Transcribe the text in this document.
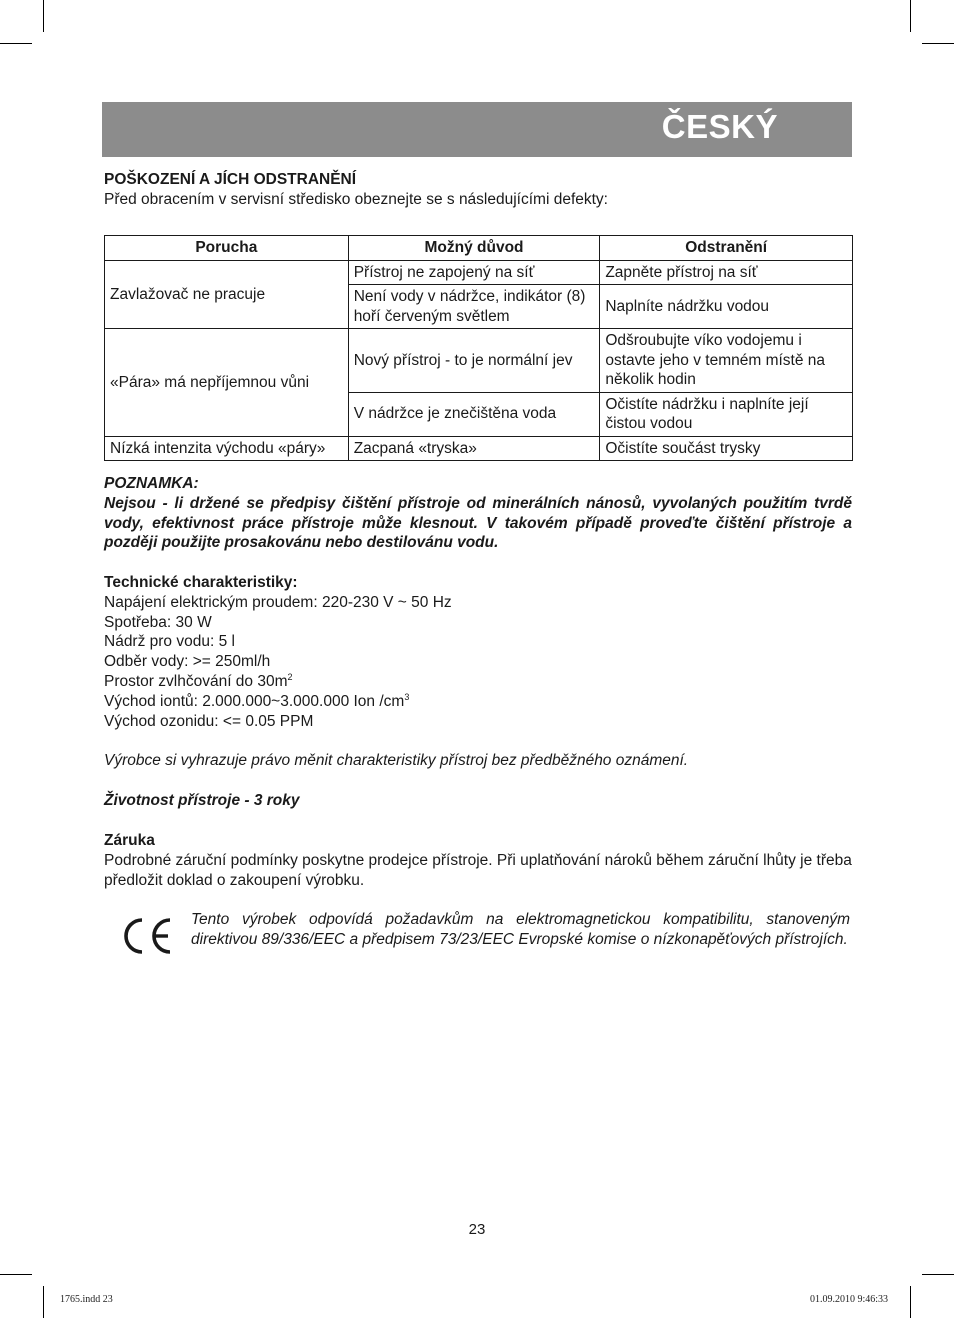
ČESKÝ

POŠKOZENÍ A JÍCH ODSTRANĚNÍ

Před obracením v servisní středisko obeznejte se s následujícími defekty:

Porucha	Možný důvod	Odstranění
Zavlažovač ne pracuje	Přístroj ne zapojený na síť	Zapněte přístroj na síť
	Není vody v nádržce, indikátor (8) hoří červeným světlem	Naplníte nádržku vodou
«Pára» má nepříjemnou vůni	Nový přístroj - to je normální jev	Odšroubujte víko vodojemu i ostavte jeho v temném místě na několik hodin
	V nádržce je znečištěna voda	Očistíte nádržku i naplníte její čistou vodou
Nízká intenzita východu «páry»	Zacpaná «tryska»	Očistíte součást trysky

POZNAMKA:

Nejsou - li držené se předpisy čištění přístroje od minerálních nánosů, vyvolaných použitím tvrdě vody, efektivnost práce přístroje může klesnout. V takovém případě proveďte čištění přístroje a později použijte prosakovánu nebo destilovánu vodu.

Technické charakteristiky:

Napájení elektrickým proudem: 220-230 V ~ 50 Hz

Spotřeba: 30 W

Nádrž pro vodu: 5 l

Odběr vody: >= 250ml/h

Prostor zvlhčování do $30m^2$

Východ iontů: 2.000.000~3.000.000 Ion $/cm^3$

Východ ozonidu: <= 0.05 PPM

Výrobce si vyhrazuje právo měnit charakteristiky přístroj bez předběžného oznámení.

Životnost přístroje - 3 roky

Záruka

Podrobné záruční podmínky poskytne prodejce přístroje. Při uplatňování nároků během záruční lhůty je třeba předložit doklad o zakoupení výrobku.

Tento výrobek odpovídá požadavkům na elektromagnetickou kompatibilitu, stanoveným direktivou 89/336/EEC a předpisem 73/23/EEC Evropské komise o nízkonapěťových přístrojích.

23
1765.indd 23	01.09.2010 9:46:33
